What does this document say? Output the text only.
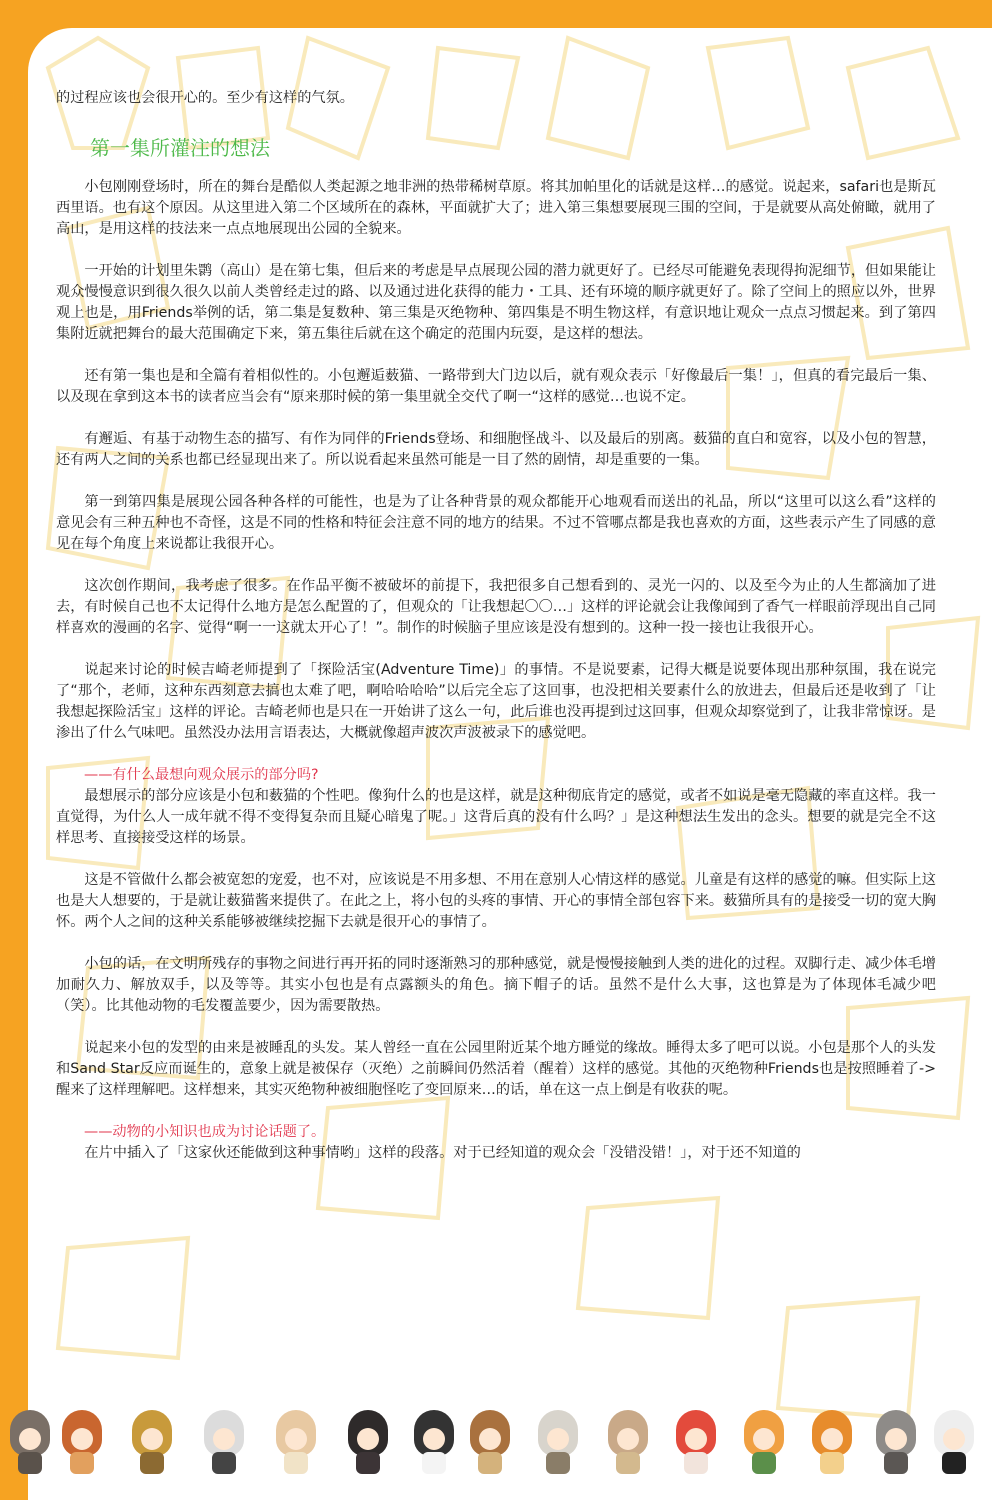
的过程应该也会很开心的。至少有这样的气氛。

第一集所灌注的想法

小包刚刚登场时，所在的舞台是酷似人类起源之地非洲的热带稀树草原。将其加帕里化的话就是这样…的感觉。说起来，safari也是斯瓦西里语。也有这个原因。从这里进入第二个区域所在的森林，平面就扩大了；进入第三集想要展现三围的空间，于是就要从高处俯瞰，就用了高山，是用这样的技法来一点点地展现出公园的全貌来。

一开始的计划里朱鹮（高山）是在第七集，但后来的考虑是早点展现公园的潜力就更好了。已经尽可能避免表现得拘泥细节，但如果能让观众慢慢意识到很久很久以前人类曾经走过的路、以及通过进化获得的能力・工具、还有环境的顺序就更好了。除了空间上的照应以外，世界观上也是，用Friends举例的话，第二集是复数种、第三集是灭绝物种、第四集是不明生物这样，有意识地让观众一点点习惯起来。到了第四集附近就把舞台的最大范围确定下来，第五集往后就在这个确定的范围内玩耍，是这样的想法。

还有第一集也是和全篇有着相似性的。小包邂逅薮猫、一路带到大门边以后，就有观众表示「好像最后一集！」，但真的看完最后一集、以及现在拿到这本书的读者应当会有“原来那时候的第一集里就全交代了啊一“这样的感觉…也说不定。

有邂逅、有基于动物生态的描写、有作为同伴的Friends登场、和细胞怪战斗、以及最后的别离。薮猫的直白和宽容，以及小包的智慧，还有两人之间的关系也都已经显现出来了。所以说看起来虽然可能是一目了然的剧情，却是重要的一集。

第一到第四集是展现公园各种各样的可能性，也是为了让各种背景的观众都能开心地观看而送出的礼品，所以“这里可以这么看”这样的意见会有三种五种也不奇怪，这是不同的性格和特征会注意不同的地方的结果。不过不管哪点都是我也喜欢的方面，这些表示产生了同感的意见在每个角度上来说都让我很开心。

这次创作期间，我考虑了很多。在作品平衡不被破坏的前提下，我把很多自己想看到的、灵光一闪的、以及至今为止的人生都滴加了进去，有时候自己也不太记得什么地方是怎么配置的了，但观众的「让我想起〇〇…」这样的评论就会让我像闻到了香气一样眼前浮现出自己同样喜欢的漫画的名字、觉得“啊一一这就太开心了！”。制作的时候脑子里应该是没有想到的。这种一投一接也让我很开心。

说起来讨论的时候吉崎老师提到了「探险活宝(Adventure Time)」的事情。不是说要素，记得大概是说要体现出那种氛围，我在说完了“那个，老师，这种东西刻意去搞也太难了吧，啊哈哈哈哈”以后完全忘了这回事，也没把相关要素什么的放进去，但最后还是收到了「让我想起探险活宝」这样的评论。吉崎老师也是只在一开始讲了这么一句，此后谁也没再提到过这回事，但观众却察觉到了，让我非常惊讶。是渗出了什么气味吧。虽然没办法用言语表达，大概就像超声波次声波被录下的感觉吧。

——有什么最想向观众展示的部分吗?

最想展示的部分应该是小包和薮猫的个性吧。像狗什么的也是这样，就是这种彻底肯定的感觉，或者不如说是毫无隐藏的率直这样。我一直觉得，为什么人一成年就不得不变得复杂而且疑心暗鬼了呢。」这背后真的没有什么吗？」是这种想法生发出的念头。想要的就是完全不这样思考、直接接受这样的场景。

这是不管做什么都会被宽恕的宠爱，也不对，应该说是不用多想、不用在意别人心情这样的感觉。儿童是有这样的感觉的嘛。但实际上这也是大人想要的，于是就让薮猫酱来提供了。在此之上，将小包的头疼的事情、开心的事情全部包容下来。薮猫所具有的是接受一切的宽大胸怀。两个人之间的这种关系能够被继续挖掘下去就是很开心的事情了。

小包的话，在文明所残存的事物之间进行再开拓的同时逐渐熟习的那种感觉，就是慢慢接触到人类的进化的过程。双脚行走、减少体毛增加耐久力、解放双手，以及等等。其实小包也是有点露额头的角色。摘下帽子的话。虽然不是什么大事，这也算是为了体现体毛减少吧（笑）。比其他动物的毛发覆盖要少，因为需要散热。

说起来小包的发型的由来是被睡乱的头发。某人曾经一直在公园里附近某个地方睡觉的缘故。睡得太多了吧可以说。小包是那个人的头发和Sand Star反应而诞生的，意象上就是被保存（灭绝）之前瞬间仍然活着（醒着）这样的感觉。其他的灭绝物种Friends也是按照睡着了->醒来了这样理解吧。这样想来，其实灭绝物种被细胞怪吃了变回原来…的话，单在这一点上倒是有收获的呢。

——动物的小知识也成为讨论话题了。

在片中插入了「这家伙还能做到这种事情哟」这样的段落。对于已经知道的观众会「没错没错！」，对于还不知道的
